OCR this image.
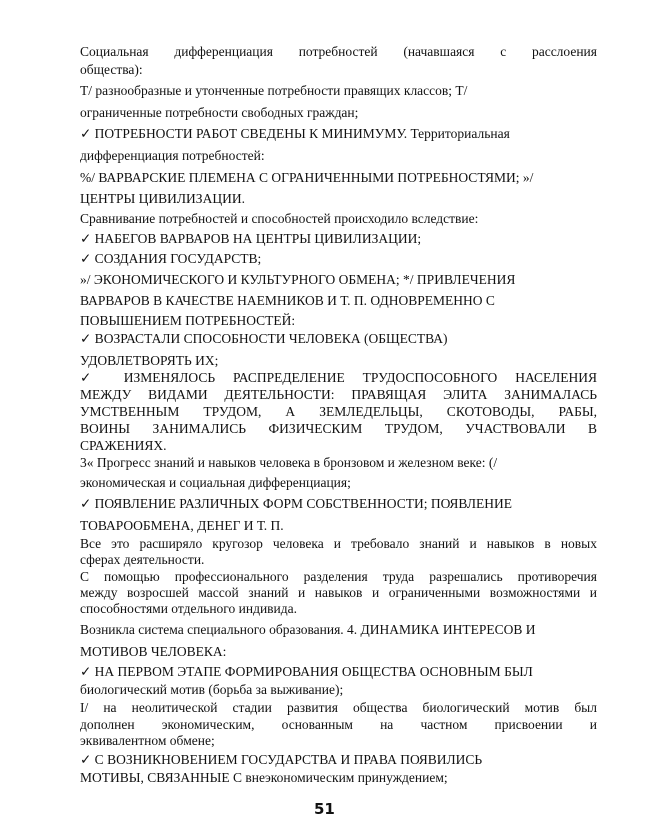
Социальная дифференциация потребностей (начавшаяся с расслоения
общества):
Т/ разнообразные и утонченные потребности правящих классов; Т/
ограниченные потребности свободных граждан;
✓ ПОТРЕБНОСТИ РАБОТ СВЕДЕНЫ К МИНИМУМУ. Территориальная
дифференциация потребностей:
%/ ВАРВАРСКИЕ ПЛЕМЕНА С ОГРАНИЧЕННЫМИ ПОТРЕБНОСТЯМИ; »/
ЦЕНТРЫ ЦИВИЛИЗАЦИИ.
Сравнивание потребностей и способностей происходило вследствие:
✓ НАБЕГОВ ВАРВАРОВ НА ЦЕНТРЫ ЦИВИЛИЗАЦИИ;
✓ СОЗДАНИЯ ГОСУДАРСТВ;
»/ ЭКОНОМИЧЕСКОГО И КУЛЬТУРНОГО ОБМЕНА; */ ПРИВЛЕЧЕНИЯ
ВАРВАРОВ В КАЧЕСТВЕ НАЕМНИКОВ И Т. П. ОДНОВРЕМЕННО С
ПОВЫШЕНИЕМ ПОТРЕБНОСТЕЙ:
✓ ВОЗРАСТАЛИ СПОСОБНОСТИ ЧЕЛОВЕКА (ОБЩЕСТВА)
УДОВЛЕТВОРЯТЬ ИХ;
✓ ИЗМЕНЯЛОСЬ РАСПРЕДЕЛЕНИЕ ТРУДОСПОСОБНОГО НАСЕЛЕНИЯ
МЕЖДУ ВИДАМИ ДЕЯТЕЛЬНОСТИ: ПРАВЯЩАЯ ЭЛИТА ЗАНИМАЛАСЬ
УМСТВЕННЫМ ТРУДОМ, А ЗЕМЛЕДЕЛЬЦЫ, СКОТОВОДЫ, РАБЫ,
ВОИНЫ ЗАНИМАЛИСЬ ФИЗИЧЕСКИМ ТРУДОМ, УЧАСТВОВАЛИ В
СРАЖЕНИЯХ.
3« Прогресс знаний и навыков человека в бронзовом и железном веке: (/
экономическая и социальная дифференциация;
✓ ПОЯВЛЕНИЕ РАЗЛИЧНЫХ ФОРМ СОБСТВЕННОСТИ; ПОЯВЛЕНИЕ
ТОВАРООБМЕНА, ДЕНЕГ И Т. П.
Все это расширяло кругозор человека и требовало знаний и навыков в новых
сферах деятельности.
С помощью профессионального разделения труда разрешались противоречия
между возросшей массой знаний и навыков и ограниченными возможностями и
способностями отдельного индивида.
Возникла система специального образования. 4. ДИНАМИКА ИНТЕРЕСОВ И
МОТИВОВ ЧЕЛОВЕКА:
✓ НА ПЕРВОМ ЭТАПЕ ФОРМИРОВАНИЯ ОБЩЕСТВА ОСНОВНЫМ БЫЛ
биологический мотив (борьба за выживание);
I/ на неолитической стадии развития общества биологический мотив был
дополнен экономическим, основанным на частном присвоении и
эквивалентном обмене;
✓ С ВОЗНИКНОВЕНИЕМ ГОСУДАРСТВА И ПРАВА ПОЯВИЛИСЬ
МОТИВЫ, СВЯЗАННЫЕ С внеэкономическим принуждением;
51
